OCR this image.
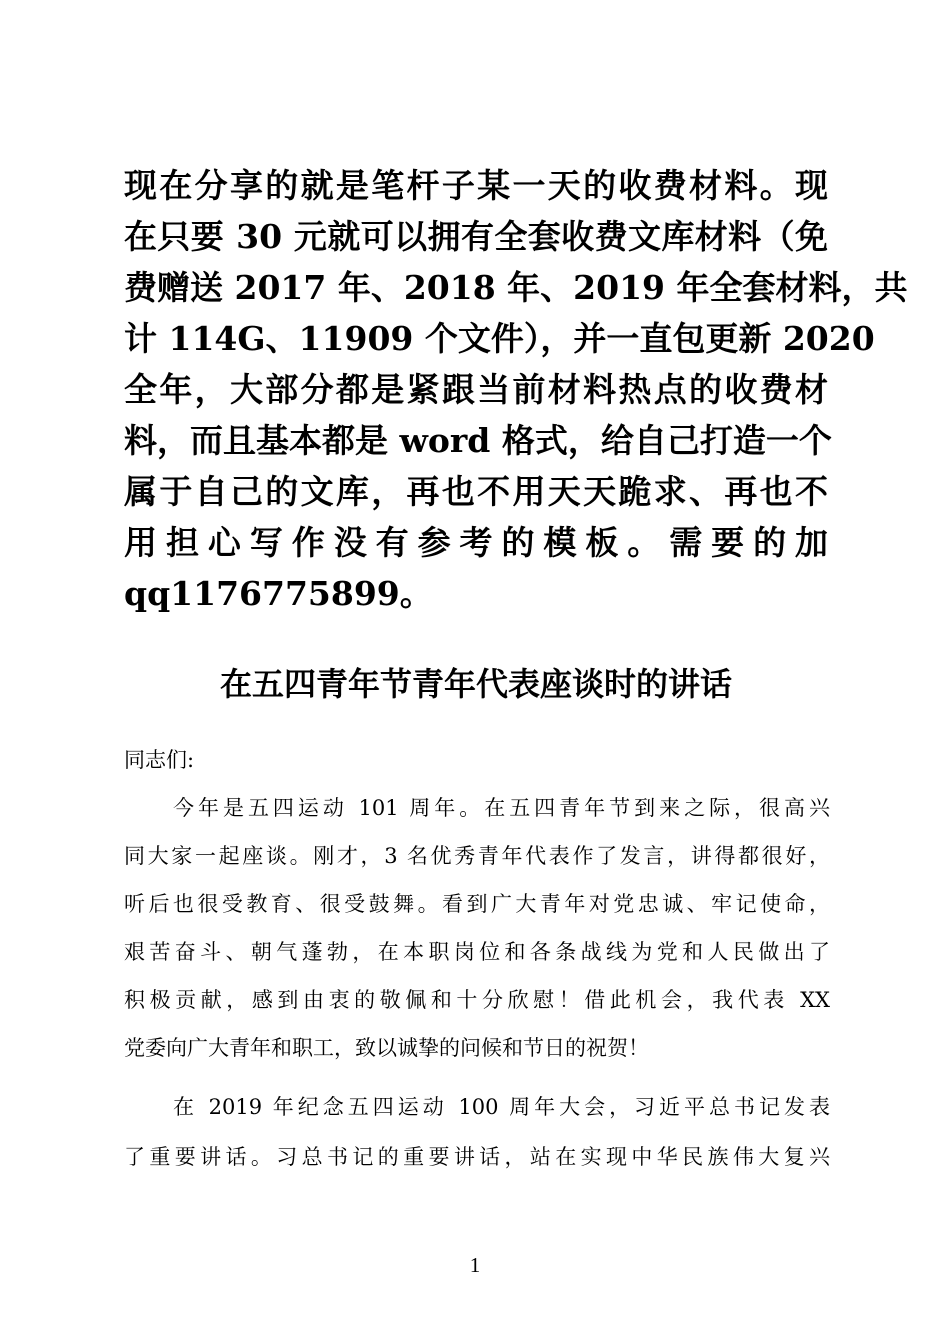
现在分享的就是笔杆子某一天的收费材料。现
在只要 30 元就可以拥有全套收费文库材料（免
费赠送 2017 年、2018 年、2019 年全套材料，共
计 114G、11909 个文件），并一直包更新 2020
全年，大部分都是紧跟当前材料热点的收费材
料，而且基本都是 word 格式，给自己打造一个
属于自己的文库，再也不用天天跪求、再也不
用担心写作没有参考的模板。需要的加
qq1176775899。
在五四青年节青年代表座谈时的讲话
同志们:
今年是五四运动 101 周年。在五四青年节到来之际，很高兴
同大家一起座谈。刚才，3 名优秀青年代表作了发言，讲得都很好，
听后也很受教育、很受鼓舞。看到广大青年对党忠诚、牢记使命，
艰苦奋斗、朝气蓬勃，在本职岗位和各条战线为党和人民做出了
积极贡献，感到由衷的敬佩和十分欣慰！借此机会，我代表 XX
党委向广大青年和职工，致以诚挚的问候和节日的祝贺！
在 2019 年纪念五四运动 100 周年大会，习近平总书记发表
了重要讲话。习总书记的重要讲话，站在实现中华民族伟大复兴
1
